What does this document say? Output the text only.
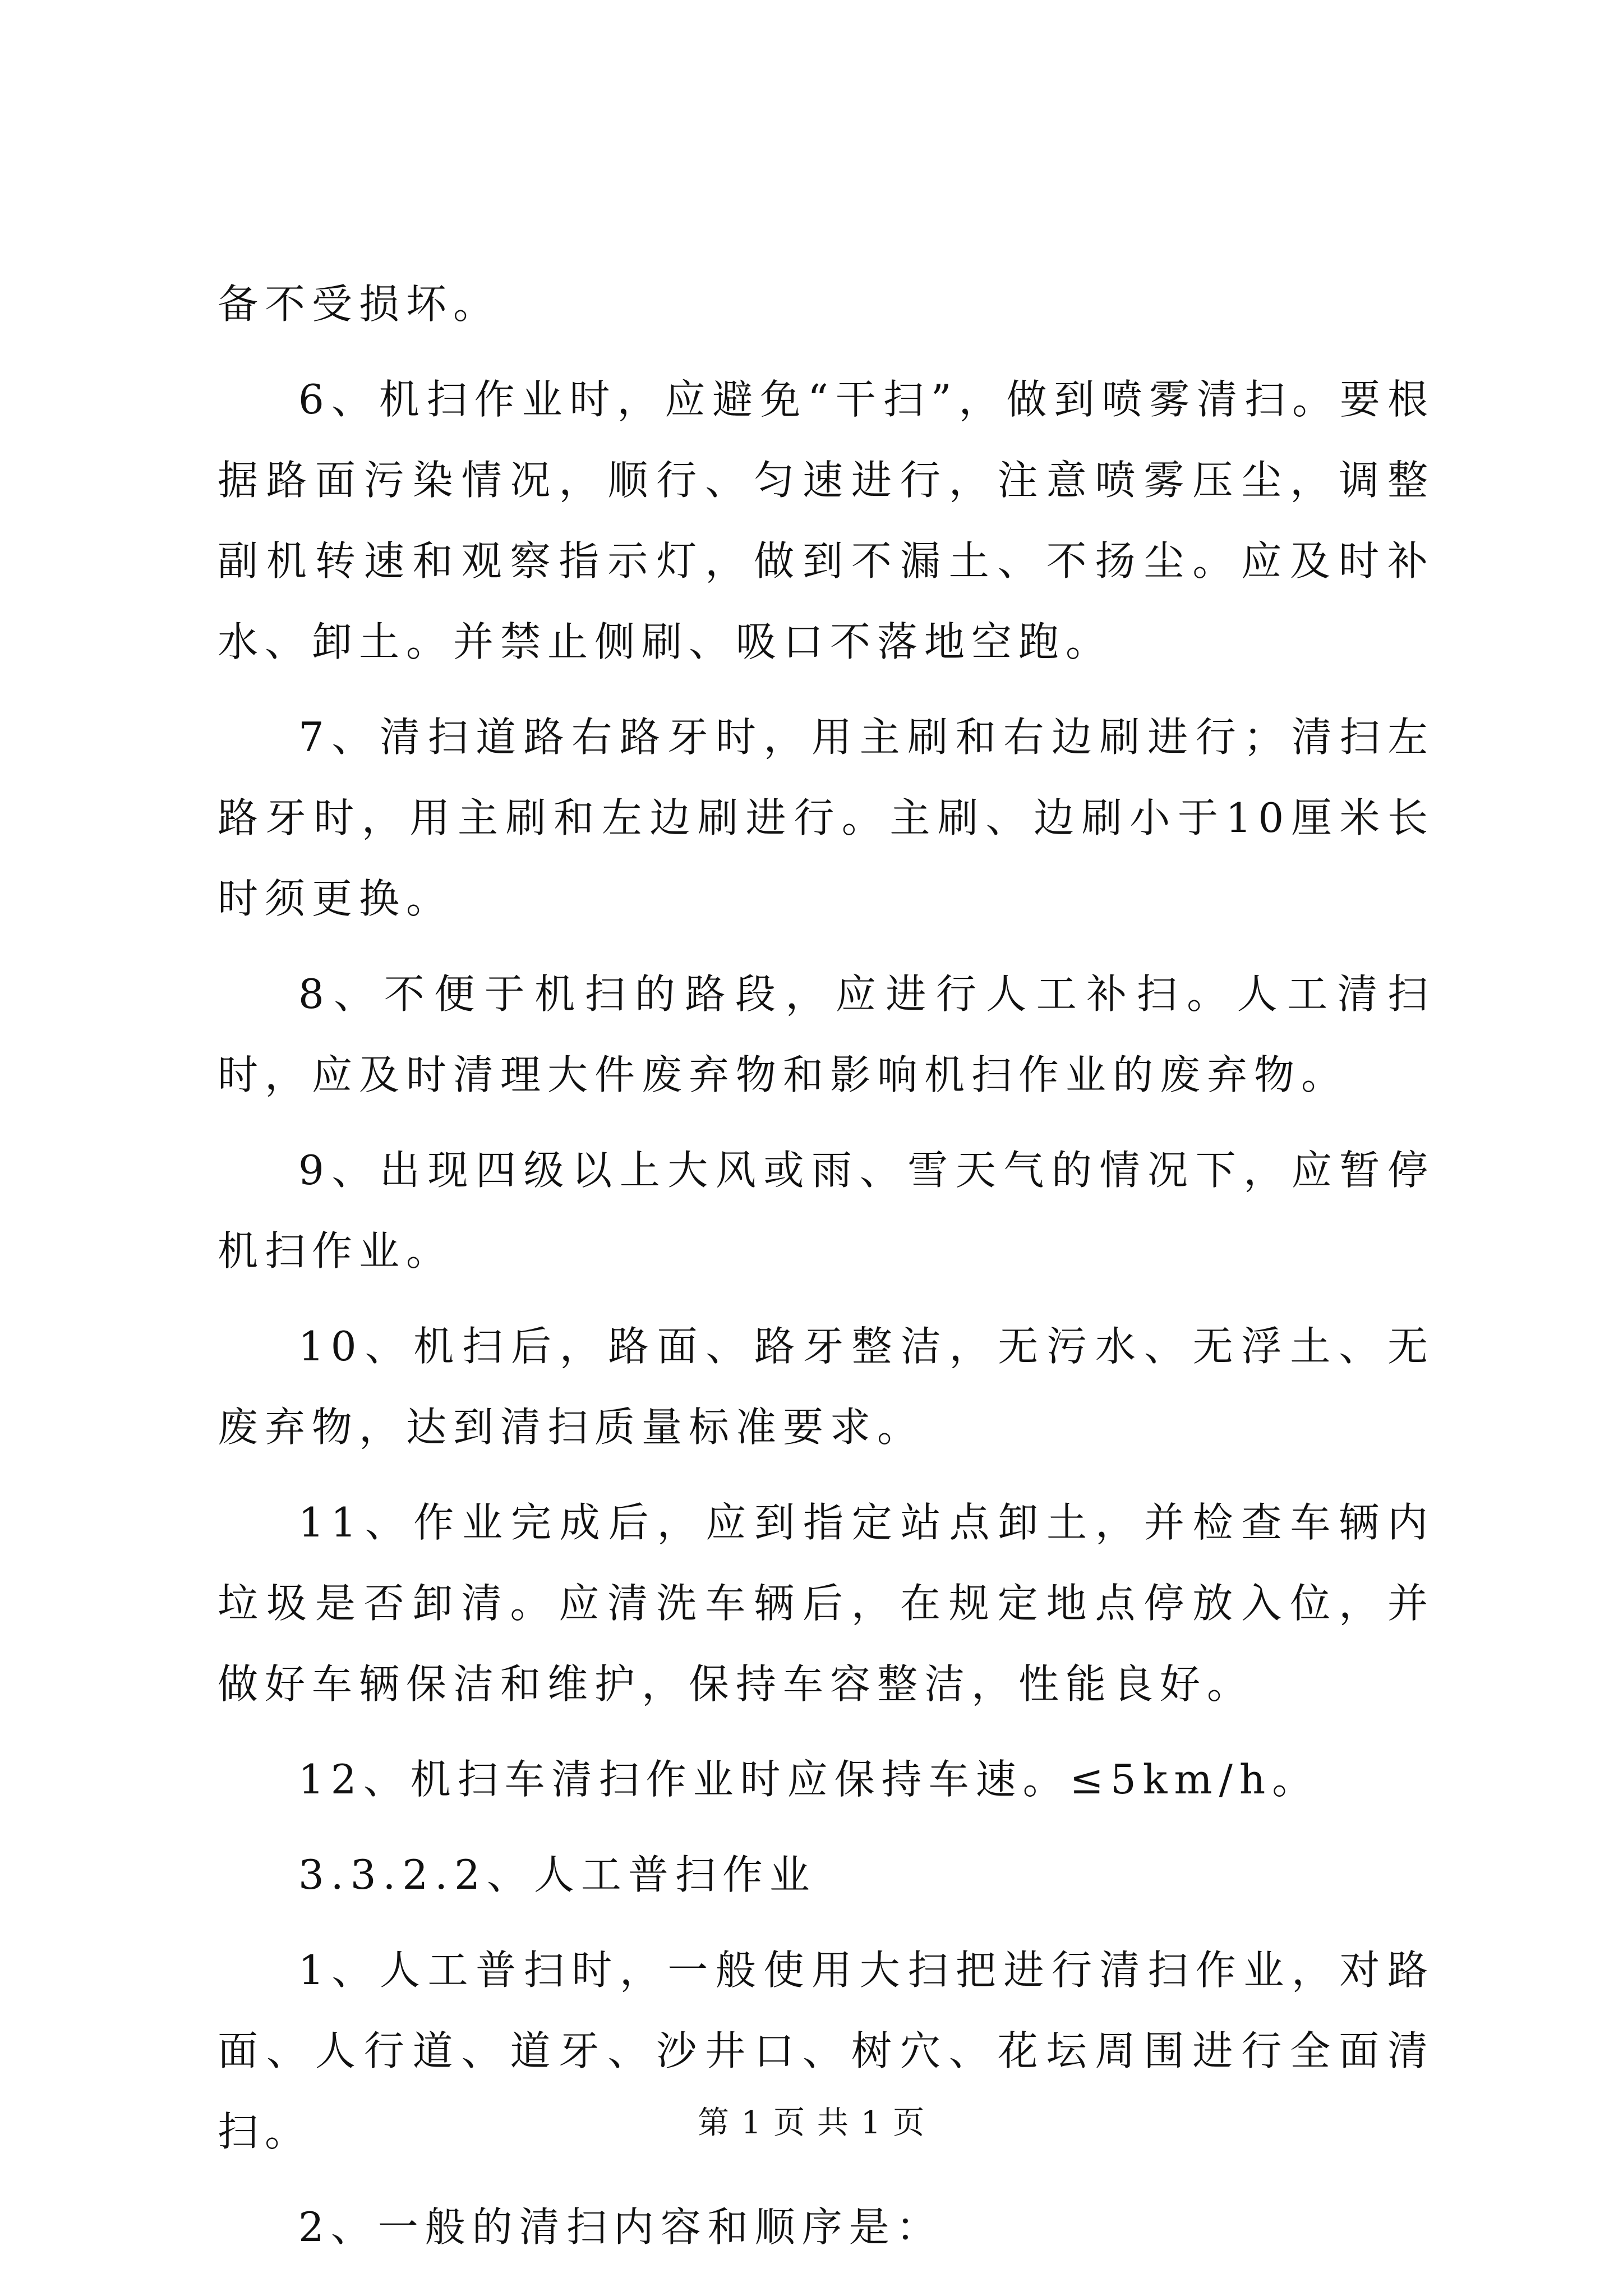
备不受损坏。

6、机扫作业时，应避免“干扫”，做到喷雾清扫。要根据路面污染情况，顺行、匀速进行，注意喷雾压尘，调整副机转速和观察指示灯，做到不漏土、不扬尘。应及时补水、卸土。并禁止侧刷、吸口不落地空跑。

7、清扫道路右路牙时，用主刷和右边刷进行；清扫左路牙时，用主刷和左边刷进行。主刷、边刷小于10厘米长时须更换。

8、不便于机扫的路段，应进行人工补扫。人工清扫时，应及时清理大件废弃物和影响机扫作业的废弃物。

9、出现四级以上大风或雨、雪天气的情况下，应暂停机扫作业。

10、机扫后，路面、路牙整洁，无污水、无浮土、无废弃物，达到清扫质量标准要求。

11、作业完成后，应到指定站点卸土，并检查车辆内垃圾是否卸清。应清洗车辆后，在规定地点停放入位，并做好车辆保洁和维护，保持车容整洁，性能良好。

12、机扫车清扫作业时应保持车速。≤5km/h。

3.3.2.2、人工普扫作业

1、人工普扫时，一般使用大扫把进行清扫作业，对路面、人行道、道牙、沙井口、树穴、花坛周围进行全面清扫。

2、一般的清扫内容和顺序是：

第 1 页 共 1 页
